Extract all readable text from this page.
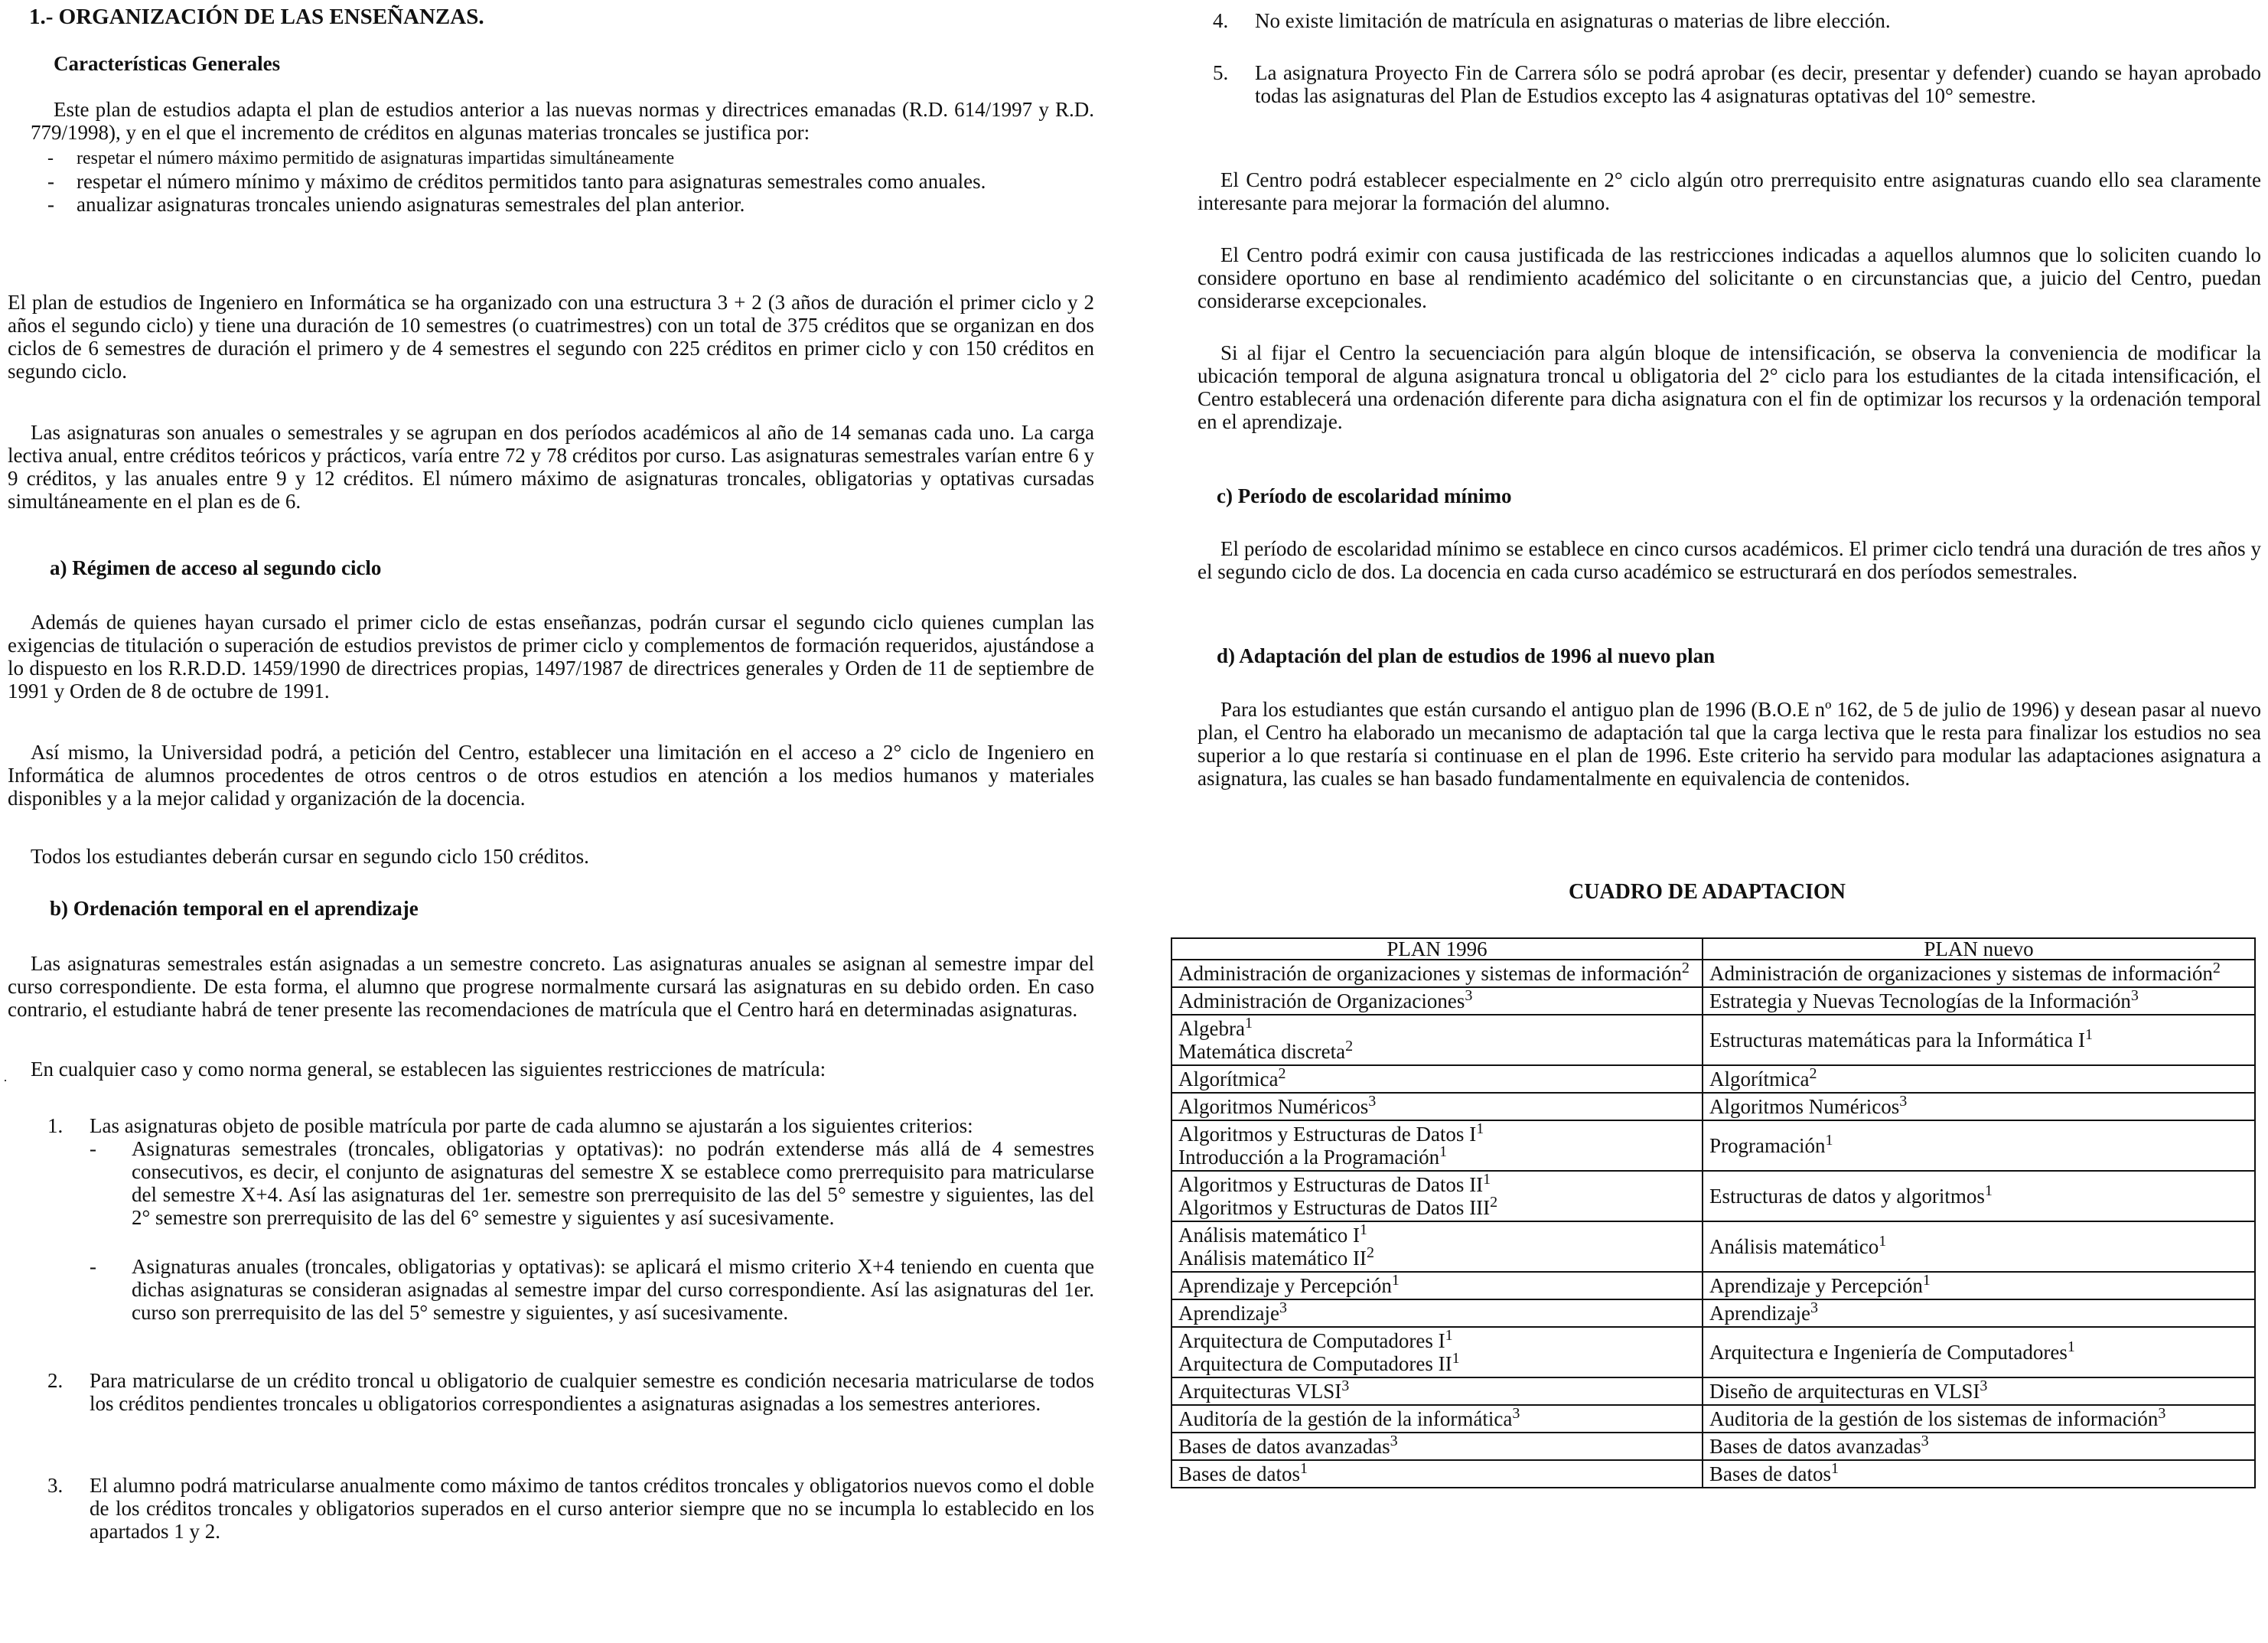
1.- ORGANIZACIÓN DE LAS ENSEÑANZAS.
Características Generales

Este plan de estudios adapta el plan de estudios anterior a las nuevas normas y directrices emanadas (R.D. 614/1997 y R.D. 779/1998), y en el que el incremento de créditos en algunas materias troncales se justifica por:

- respetar el número máximo permitido de asignaturas impartidas simultáneamente
- respetar el número mínimo y máximo de créditos permitidos tanto para asignaturas semestrales como anuales.
- anualizar asignaturas troncales uniendo asignaturas semestrales del plan anterior.

El plan de estudios de Ingeniero en Informática se ha organizado con una estructura 3 + 2 (3 años de duración el primer ciclo y 2 años el segundo ciclo) y tiene una duración de 10 semestres (o cuatrimestres) con un total de 375 créditos que se organizan en dos ciclos de 6 semestres de duración el primero y de 4 semestres el segundo con 225 créditos en primer ciclo y con 150 créditos en segundo ciclo.

Las asignaturas son anuales o semestrales y se agrupan en dos períodos académicos al año de 14 semanas cada uno. La carga lectiva anual, entre créditos teóricos y prácticos, varía entre 72 y 78 créditos por curso. Las asignaturas semestrales varían entre 6 y 9 créditos, y las anuales entre 9 y 12 créditos. El número máximo de asignaturas troncales, obligatorias y optativas cursadas simultáneamente en el plan es de 6.

a) Régimen de acceso al segundo ciclo

Además de quienes hayan cursado el primer ciclo de estas enseñanzas, podrán cursar el segundo ciclo quienes cumplan las exigencias de titulación o superación de estudios previstos de primer ciclo y complementos de formación requeridos, ajustándose a lo dispuesto en los R.R.D.D. 1459/1990 de directrices propias, 1497/1987 de directrices generales y Orden de 11 de septiembre de 1991 y Orden de 8 de octubre de 1991.

Así mismo, la Universidad podrá, a petición del Centro, establecer una limitación en el acceso a 2° ciclo de Ingeniero en Informática de alumnos procedentes de otros centros o de otros estudios en atención a los medios humanos y materiales disponibles y a la mejor calidad y organización de la docencia.

Todos los estudiantes deberán cursar en segundo ciclo 150 créditos.

b) Ordenación temporal en el aprendizaje

Las asignaturas semestrales están asignadas a un semestre concreto. Las asignaturas anuales se asignan al semestre impar del curso correspondiente. De esta forma, el alumno que progrese normalmente cursará las asignaturas en su debido orden. En caso contrario, el estudiante habrá de tener presente las recomendaciones de matrícula que el Centro hará en determinadas asignaturas.

En cualquier caso y como norma general, se establecen las siguientes restricciones de matrícula:

1. Las asignaturas objeto de posible matrícula por parte de cada alumno se ajustarán a los siguientes criterios:
- Asignaturas semestrales (troncales, obligatorias y optativas): no podrán extenderse más allá de 4 semestres consecutivos, es decir, el conjunto de asignaturas del semestre X se establece como prerrequisito para matricularse del semestre X+4. Así las asignaturas del 1er. semestre son prerrequisito de las del 5° semestre y siguientes, las del 2° semestre son prerrequisito de las del 6° semestre y siguientes y así sucesivamente.
- Asignaturas anuales (troncales, obligatorias y optativas): se aplicará el mismo criterio X+4 teniendo en cuenta que dichas asignaturas se consideran asignadas al semestre impar del curso correspondiente. Así las asignaturas del 1er. curso son prerrequisito de las del 5° semestre y siguientes, y así sucesivamente.
2. Para matricularse de un crédito troncal u obligatorio de cualquier semestre es condición necesaria matricularse de todos los créditos pendientes troncales u obligatorios correspondientes a asignaturas asignadas a los semestres anteriores.
3. El alumno podrá matricularse anualmente como máximo de tantos créditos troncales y obligatorios nuevos como el doble de los créditos troncales y obligatorios superados en el curso anterior siempre que no se incumpla lo establecido en los apartados 1 y 2.
4. No existe limitación de matrícula en asignaturas o materias de libre elección.
5. La asignatura Proyecto Fin de Carrera sólo se podrá aprobar (es decir, presentar y defender) cuando se hayan aprobado todas las asignaturas del Plan de Estudios excepto las 4 asignaturas optativas del 10° semestre.

El Centro podrá establecer especialmente en 2° ciclo algún otro prerrequisito entre asignaturas cuando ello sea claramente interesante para mejorar la formación del alumno.

El Centro podrá eximir con causa justificada de las restricciones indicadas a aquellos alumnos que lo soliciten cuando lo considere oportuno en base al rendimiento académico del solicitante o en circunstancias que, a juicio del Centro, puedan considerarse excepcionales.

Si al fijar el Centro la secuenciación para algún bloque de intensificación, se observa la conveniencia de modificar la ubicación temporal de alguna asignatura troncal u obligatoria del 2° ciclo para los estudiantes de la citada intensificación, el Centro establecerá una ordenación diferente para dicha asignatura con el fin de optimizar los recursos y la ordenación temporal en el aprendizaje.

c) Período de escolaridad mínimo

El período de escolaridad mínimo se establece en cinco cursos académicos. El primer ciclo tendrá una duración de tres años y el segundo ciclo de dos. La docencia en cada curso académico se estructurará en dos períodos semestrales.

d) Adaptación del plan de estudios de 1996 al nuevo plan

Para los estudiantes que están cursando el antiguo plan de 1996 (B.O.E nº 162, de 5 de julio de 1996) y desean pasar al nuevo plan, el Centro ha elaborado un mecanismo de adaptación tal que la carga lectiva que le resta para finalizar los estudios no sea superior a lo que restaría si continuase en el plan de 1996. Este criterio ha servido para modular las adaptaciones asignatura a asignatura, las cuales se han basado fundamentalmente en equivalencia de contenidos.

CUADRO DE ADAPTACION
PLAN 1996	PLAN nuevo

Administración de organizaciones y sistemas de información$^2$	Administración de organizaciones y sistemas de información$^2$

Administración de Organizaciones$^3$	Estrategia y Nuevas Tecnologías de la Información$^3$

Algebra$^1$
Matemática discreta$^2$	Estructuras matemáticas para la Informática $I^1$

Algorítmica$^2$	Algorítmica$^2$

Algoritmos Numéricos$^3$	Algoritmos Numéricos$^3$

Algoritmos y Estructuras de Datos $I^1$
Introducción a la Programación$^1$	Programación$^1$

Algoritmos y Estructuras de Datos $II^1$
Algoritmos y Estructuras de Datos III$^2$	Estructuras de datos y algoritmos$^1$

Análisis matemático $I^1$
Análisis matemático $II^2$	Análisis matemático$^1$

Aprendizaje y Percepción$^1$	Aprendizaje y Percepción$^1$

Aprendizaje$^3$	Aprendizaje$^3$

Arquitectura de Computadores $I^1$
Arquitectura de Computadores $II^1$	Arquitectura e Ingeniería de Computadores$^1$

Arquitecturas VLSI$^3$	Diseño de arquitecturas en VLSI$^3$

Auditoría de la gestión de la informática$^3$	Auditoria de la gestión de los sistemas de información$^3$

Bases de datos avanzadas$^3$	Bases de datos avanzadas$^3$

Bases de datos$^1$	Bases de datos$^1$
·
